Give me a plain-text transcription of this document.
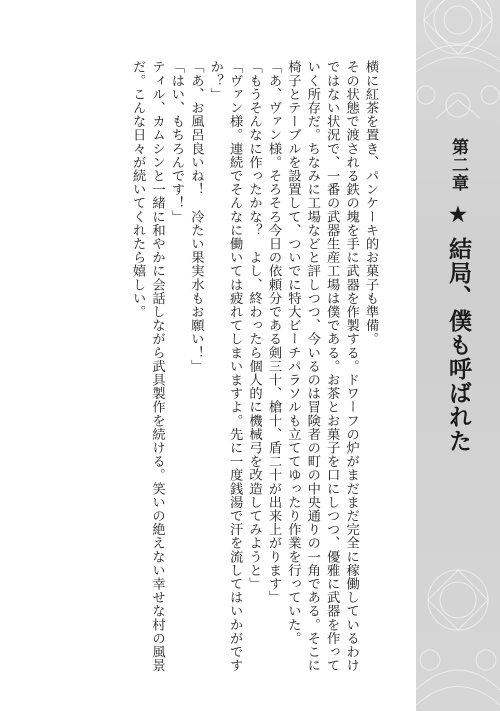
第二章★結局、僕も呼ばれた

横に紅茶を置き、パンケーキ的お菓子も準備。

その状態で渡される鉄の塊を手に武器を作製する。ドワーフの炉がまだまだ完全に稼働しているわけではない状況で、一番の武器生産工場は僕である。お茶とお菓子を口にしつつ、優雅に武器を作っていく所存だ。ちなみに工場などと評しつつ、今いるのは冒険者の町の中央通りの一角である。そこに椅子とテーブルを設置して、ついでに特大ビーチパラソルも立ててゆったり作業を行っていた。

「あ、ヴァン様。そろそろ今日の依頼分である剣三十、槍十、盾二十が出来上がります」

「もうそんなに作ったかな？　よし、終わったら個人的に機械弓を改造してみようと」

「ヴァン様。連続でそんなに働いては疲れてしまいますよ。先に一度銭湯で汗を流してはいかがですか？」

「あ、お風呂良いね！　冷たい果実水もお願い！」

「はい、もちろんです！」

ティル、カムシンと一緒に和やかに会話しながら武具製作を続ける。笑いの絶えない幸せな村の風景だ。こんな日々が続いてくれたら嬉しい。
